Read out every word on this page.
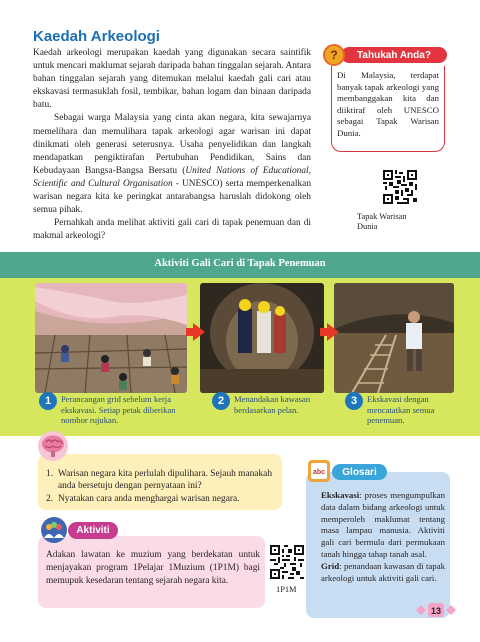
Kaedah Arkeologi

Kaedah arkeologi merupakan kaedah yang digunakan secara saintifik untuk mencari maklumat sejarah daripada bahan tinggalan sejarah. Antara bahan tinggalan sejarah yang ditemukan melalui kaedah gali cari atau ekskavasi termasuklah fosil, tembikar, bahan logam dan binaan daripada batu.

Sebagai warga Malaysia yang cinta akan negara, kita sewajarnya memelihara dan memulihara tapak arkeologi agar warisan ini dapat dinikmati oleh generasi seterusnya. Usaha penyelidikan dan langkah mendapatkan pengiktirafan Pertubuhan Pendidikan, Sains dan Kebudayaan Bangsa-Bangsa Bersatu (United Nations of Educational, Scientific and Cultural Organisation - UNESCO) serta memperkenalkan warisan negara kita ke peringkat antarabangsa haruslah didokong oleh semua pihak.

Pernahkah anda melihat aktiviti gali cari di tapak penemuan dan di makmal arkeologi?

Di Malaysia, terdapat banyak tapak arkeologi yang membanggakan kita dan diiktiraf oleh UNESCO sebagai Tapak Warisan Dunia.
Tahukah Anda?
?
Tapak Warisan Dunia
Aktiviti Gali Cari di Tapak Penemuan
1	Perancangan grid sebelum kerja ekskavasi. Setiap petak diberikan nombor rujukan.
2	Menandakan kawasan berdasarkan pelan.
3	Ekskavasi dengan mencatatkan semua penemuan.
1. Warisan negara kita perlulah dipulihara. Sejauh manakah anda bersetuju dengan pernyataan ini?
2. Nyatakan cara anda menghargai warisan negara.
Aktiviti
Adakan lawatan ke muzium yang berdekatan untuk menjayakan program 1Pelajar 1Muzium (1P1M) bagi memupuk kesedaran tentang sejarah negara kita.
1P1M
abc	Glosari

Ekskavasi: proses mengumpulkan data dalam bidang arkeologi untuk memperoleh maklumat tentang masa lampau manusia. Aktiviti gali cari bermula dari permukaan tanah hingga tahap tanah asal.

Grid: penandaan kawasan di tapak arkeologi untuk aktiviti gali cari.

13
